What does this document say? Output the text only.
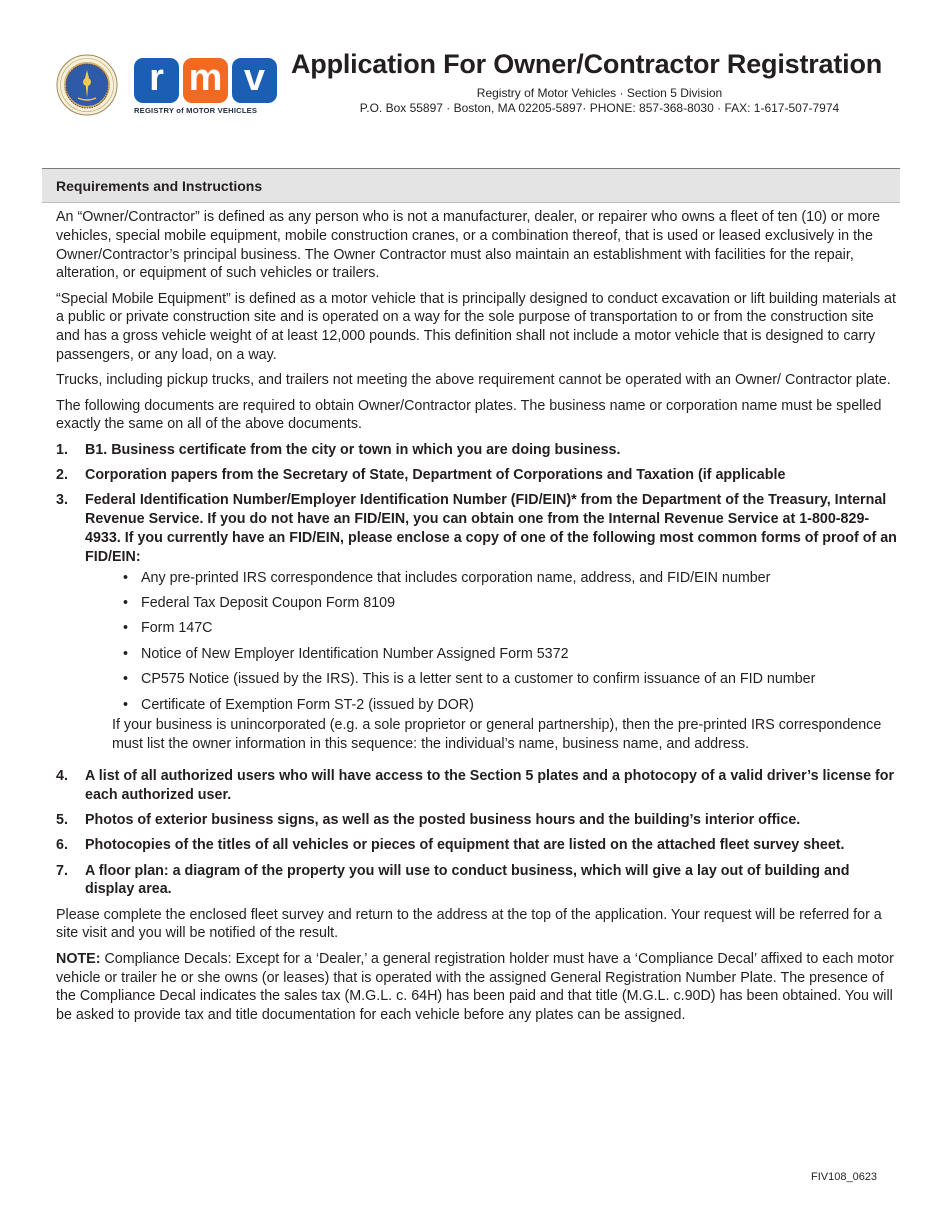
r m v
REGISTRY of MOTOR VEHICLES
Application For Owner/Contractor Registration
Registry of Motor Vehicles · Section 5 Division
P.O. Box 55897 · Boston, MA 02205-5897· PHONE: 857-368-8030 · FAX: 1-617-507-7974
Requirements and Instructions

An “Owner/Contractor” is defined as any person who is not a manufacturer, dealer, or repairer who owns a fleet of ten (10) or more vehicles, special mobile equipment, mobile construction cranes, or a combination thereof, that is used or leased exclusively in the Owner/Contractor’s principal business. The Owner Contractor must also maintain an establishment with facilities for the repair, alteration, or equipment of such vehicles or trailers.

“Special Mobile Equipment” is defined as a motor vehicle that is principally designed to conduct excavation or lift building materials at a public or private construction site and is operated on a way for the sole purpose of transportation to or from the construction site and has a gross vehicle weight of at least 12,000 pounds. This definition shall not include a motor vehicle that is designed to carry passengers, or any load, on a way.

Trucks, including pickup trucks, and trailers not meeting the above requirement cannot be operated with an Owner/ Contractor plate.

The following documents are required to obtain Owner/Contractor plates. The business name or corporation name must be spelled exactly the same on all of the above documents.

1.	B1. Business certificate from the city or town in which you are doing business.
2.	Corporation papers from the Secretary of State, Department of Corporations and Taxation (if applicable
3.	Federal Identification Number/Employer Identification Number (FID/EIN)* from the Department of the Treasury, Internal Revenue Service. If you do not have an FID/EIN, you can obtain one from the Internal Revenue Service at 1-800-829-4933. If you currently have an FID/EIN, please enclose a copy of one of the following most common forms of proof of an FID/EIN:
• Any pre-printed IRS correspondence that includes corporation name, address, and FID/EIN number
• Federal Tax Deposit Coupon Form 8109
• Form 147C
• Notice of New Employer Identification Number Assigned Form 5372
• CP575 Notice (issued by the IRS). This is a letter sent to a customer to confirm issuance of an FID number
• Certificate of Exemption Form ST-2 (issued by DOR)

If your business is unincorporated (e.g. a sole proprietor or general partnership), then the pre-printed IRS correspondence must list the owner information in this sequence: the individual’s name, business name, and address.

4.	A list of all authorized users who will have access to the Section 5 plates and a photocopy of a valid driver’s license for each authorized user.
5.	Photos of exterior business signs, as well as the posted business hours and the building’s interior office.
6.	Photocopies of the titles of all vehicles or pieces of equipment that are listed on the attached fleet survey sheet.
7.	A floor plan: a diagram of the property you will use to conduct business, which will give a lay out of building and display area.

Please complete the enclosed fleet survey and return to the address at the top of the application. Your request will be referred for a site visit and you will be notified of the result.

NOTE: Compliance Decals: Except for a ‘Dealer,’ a general registration holder must have a ‘Compliance Decal’ affixed to each motor vehicle or trailer he or she owns (or leases) that is operated with the assigned General Registration Number Plate. The presence of the Compliance Decal indicates the sales tax (M.G.L. c. 64H) has been paid and that title (M.G.L. c.90D) has been obtained. You will be asked to provide tax and title documentation for each vehicle before any plates can be assigned.

FIV108_0623
